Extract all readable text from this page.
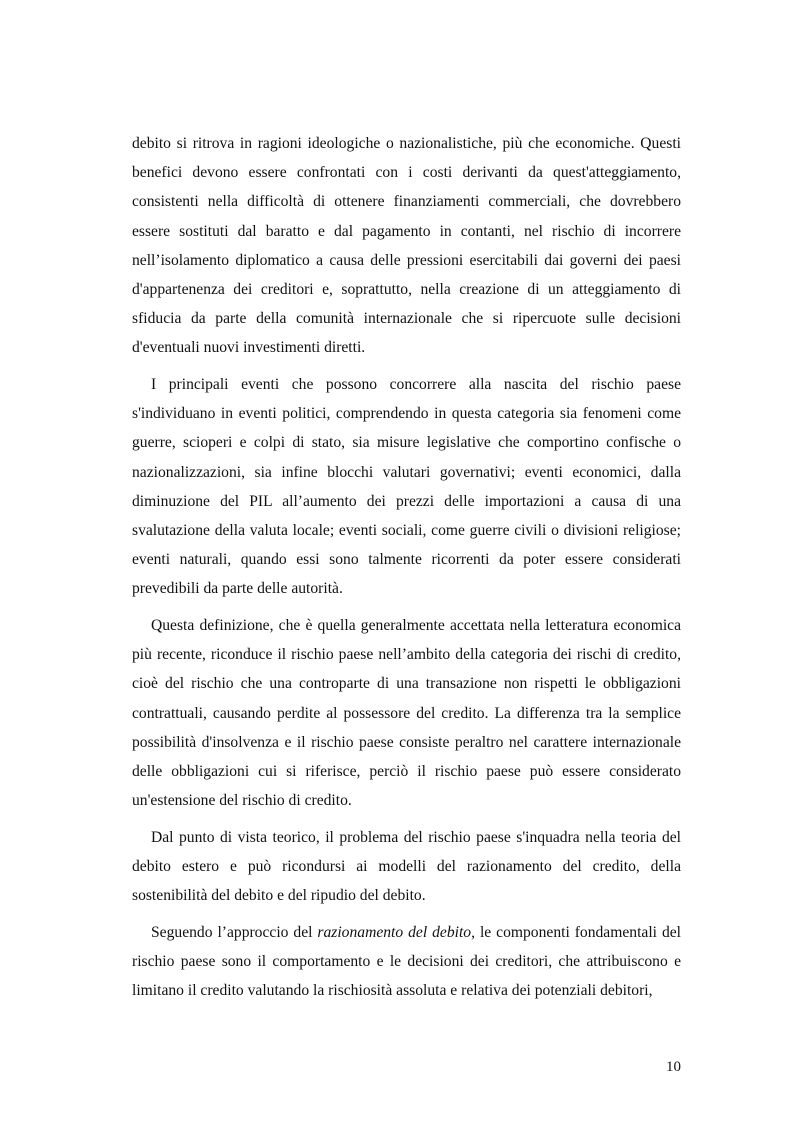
debito si ritrova in ragioni ideologiche o nazionalistiche, più che economiche. Questi benefici devono essere confrontati con i costi derivanti da quest'atteggiamento, consistenti nella difficoltà di ottenere finanziamenti commerciali, che dovrebbero essere sostituti dal baratto e dal pagamento in contanti, nel rischio di incorrere nell’isolamento diplomatico a causa delle pressioni esercitabili dai governi dei paesi d'appartenenza dei creditori e, soprattutto, nella creazione di un atteggiamento di sfiducia da parte della comunità internazionale che si ripercuote sulle decisioni d'eventuali nuovi investimenti diretti.

I principali eventi che possono concorrere alla nascita del rischio paese s'individuano in eventi politici, comprendendo in questa categoria sia fenomeni come guerre, scioperi e colpi di stato, sia misure legislative che comportino confische o nazionalizzazioni, sia infine blocchi valutari governativi; eventi economici, dalla diminuzione del PIL all’aumento dei prezzi delle importazioni a causa di una svalutazione della valuta locale; eventi sociali, come guerre civili o divisioni religiose; eventi naturali, quando essi sono talmente ricorrenti da poter essere considerati prevedibili da parte delle autorità.

Questa definizione, che è quella generalmente accettata nella letteratura economica più recente, riconduce il rischio paese nell’ambito della categoria dei rischi di credito, cioè del rischio che una controparte di una transazione non rispetti le obbligazioni contrattuali, causando perdite al possessore del credito. La differenza tra la semplice possibilità d'insolvenza e il rischio paese consiste peraltro nel carattere internazionale delle obbligazioni cui si riferisce, perciò il rischio paese può essere considerato un'estensione del rischio di credito.

Dal punto di vista teorico, il problema del rischio paese s'inquadra nella teoria del debito estero e può ricondursi ai modelli del razionamento del credito, della sostenibilità del debito e del ripudio del debito.

Seguendo l’approccio del razionamento del debito, le componenti fondamentali del rischio paese sono il comportamento e le decisioni dei creditori, che attribuiscono e limitano il credito valutando la rischiosità assoluta e relativa dei potenziali debitori,

10
